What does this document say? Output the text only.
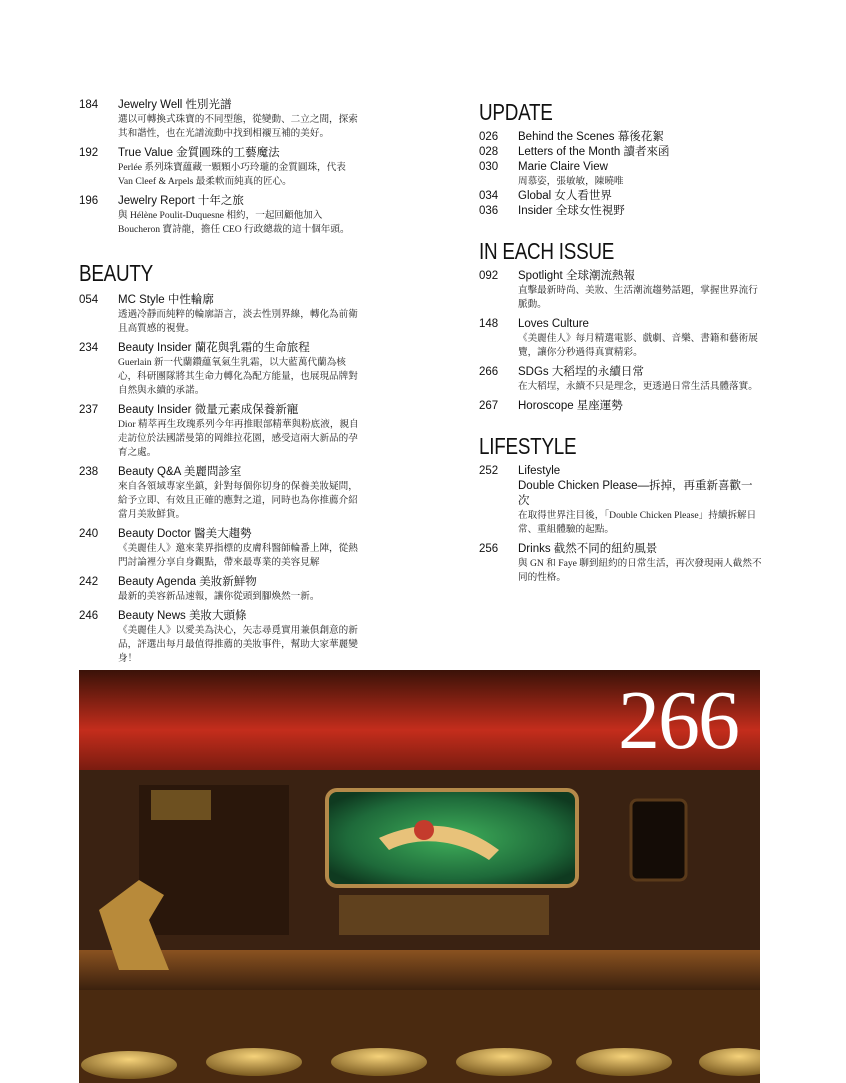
184	Jewelry Well 性別光譜
選以可轉換式珠寶的不同型態，從變動、二立之間，探索其和諧性，也在光譜流動中找到相襯互補的美好。
192	True Value 金質圓珠的工藝魔法
Perlée 系列珠寶蘊藏一顆顆小巧玲瓏的金質圓珠，代表 Van Cleef & Arpels 最柔軟而純真的匠心。
196	Jewelry Report 十年之旅
與 Hélène Poulit-Duquesne 相約，一起回顧他加入 Boucheron 寶詩龍，擔任 CEO 行政總裁的這十個年頭。
BEAUTY
054	MC Style 中性輪廓
透過冷靜而純粹的輪廓語言，淡去性別界線，轉化為前衛且高質感的視覺。
234	Beauty Insider 蘭花與乳霜的生命旅程
Guerlain 新一代蘭鑽蘊氧氣生乳霜，以大藍萬代蘭為核心，科研團隊將其生命力轉化為配方能量，也展現品牌對自然與永續的承諾。
237	Beauty Insider 微量元素成保養新寵
Dior 精萃再生玫瑰系列今年再推眼部精華與粉底液，親自走訪位於法國諾曼第的岡維拉花園，感受這兩大新品的孕育之處。
238	Beauty Q&A 美麗問診室
來自各領域專家坐鎮，針對每個你切身的保養美妝疑問，給予立即、有效且正確的應對之道，同時也為你推薦介紹當月美妝鮮貨。
240	Beauty Doctor 醫美大趨勢
《美麗佳人》邀來業界指標的皮膚科醫師輪番上陣，從熱門討論裡分享自身觀點，帶來最專業的美容見解
242	Beauty Agenda 美妝新鮮物
最新的美容新品速報，讓你從頭到腳煥然一新。
246	Beauty News 美妝大頭條
《美麗佳人》以愛美為決心，矢志尋覓實用兼俱創意的新品，評選出每月最值得推薦的美妝事件，幫助大家華麗變身！
UPDATE
026	Behind the Scenes 幕後花絮
028	Letters of the Month 讀者來函
030	Marie Claire View
周慕姿，張敏敏，陳曉唯
034	Global 女人看世界
036	Insider 全球女性視野
IN EACH ISSUE
092	Spotlight 全球潮流熱報
直擊最新時尚、美妝、生活潮流趨勢話題，掌握世界流行脈動。
148	Loves Culture
《美麗佳人》每月精選電影、戲劇、音樂、書籍和藝術展覽，讓你分秒過得真實精彩。
266	SDGs 大稻埕的永續日常
在大稻埕，永續不只是理念，更透過日常生活具體落實。
267	Horoscope 星座運勢
LIFESTYLE
252	Lifestyle
Double Chicken Please—拆掉，再重新喜歡一次
在取得世界注目後，「Double Chicken Please」持續拆解日常、重組體驗的起點。
256	Drinks 截然不同的紐約風景
與 GN 和 Faye 聊到紐約的日常生活，再次發現兩人截然不同的性格。
266
